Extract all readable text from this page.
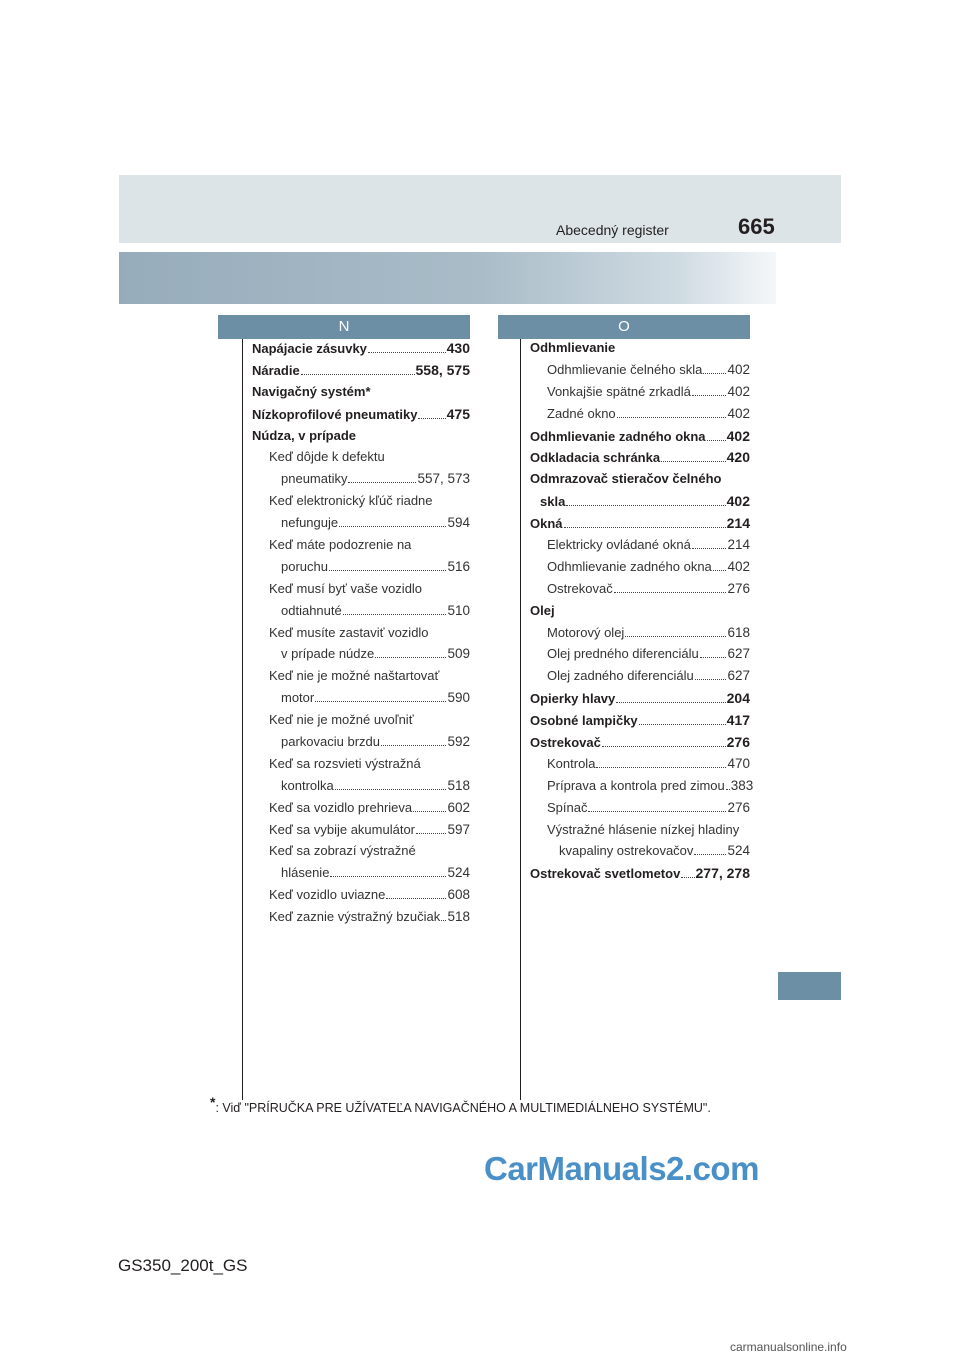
Abecedný register	665
N	O
Napájacie zásuvky	430
Náradie	558, 575
Navigačný systém*
Nízkoprofilové pneumatiky 475
Núdza, v prípade
Keď dôjde k defektu
pneumatiky	557, 573
Keď elektronický kľúč riadne
nefunguje	594
Keď máte podozrenie na
poruchu	516
Keď musí byť vaše vozidlo
odtiahnuté	510
Keď musíte zastaviť vozidlo
v prípade núdze	509
Keď nie je možné naštartovať
motor	590
Keď nie je možné uvoľniť
parkovaciu brzdu	592
Keď sa rozsvieti výstražná
kontrolka	518
Keď sa vozidlo prehrieva	602
Keď sa vybije akumulátor 597
Keď sa zobrazí výstražné
hlásenie	524
Keď vozidlo uviazne	608
Keď zaznie výstražný bzučiak 518
Odhmlievanie
Odhmlievanie čelného skla 402
Vonkajšie spätné zrkadlá	402
Zadné okno	402
Odhmlievanie zadného okna 402
Odkladacia schránka	420
Odmrazovač stieračov čelného
skla	402
Okná	214
Elektricky ovládané okná	214
Odhmlievanie zadného okna 402
Ostrekovač	276
Olej
Motorový olej	618
Olej predného diferenciálu 627
Olej zadného diferenciálu	627
Opierky hlavy	204
Osobné lampičky	417
Ostrekovač	276
Kontrola	470
Príprava a kontrola pred zimou 383
Spínač	276
Výstražné hlásenie nízkej hladiny
kvapaliny ostrekovačov	524
Ostrekovač svetlometov 277, 278
*: Viď "PRÍRUČKA PRE UŽÍVATEĽA NAVIGAČNÉHO A MULTIMEDIÁLNEHO SYSTÉMU".
CarManuals2.com
GS350_200t_GS
carmanualsonline.info
